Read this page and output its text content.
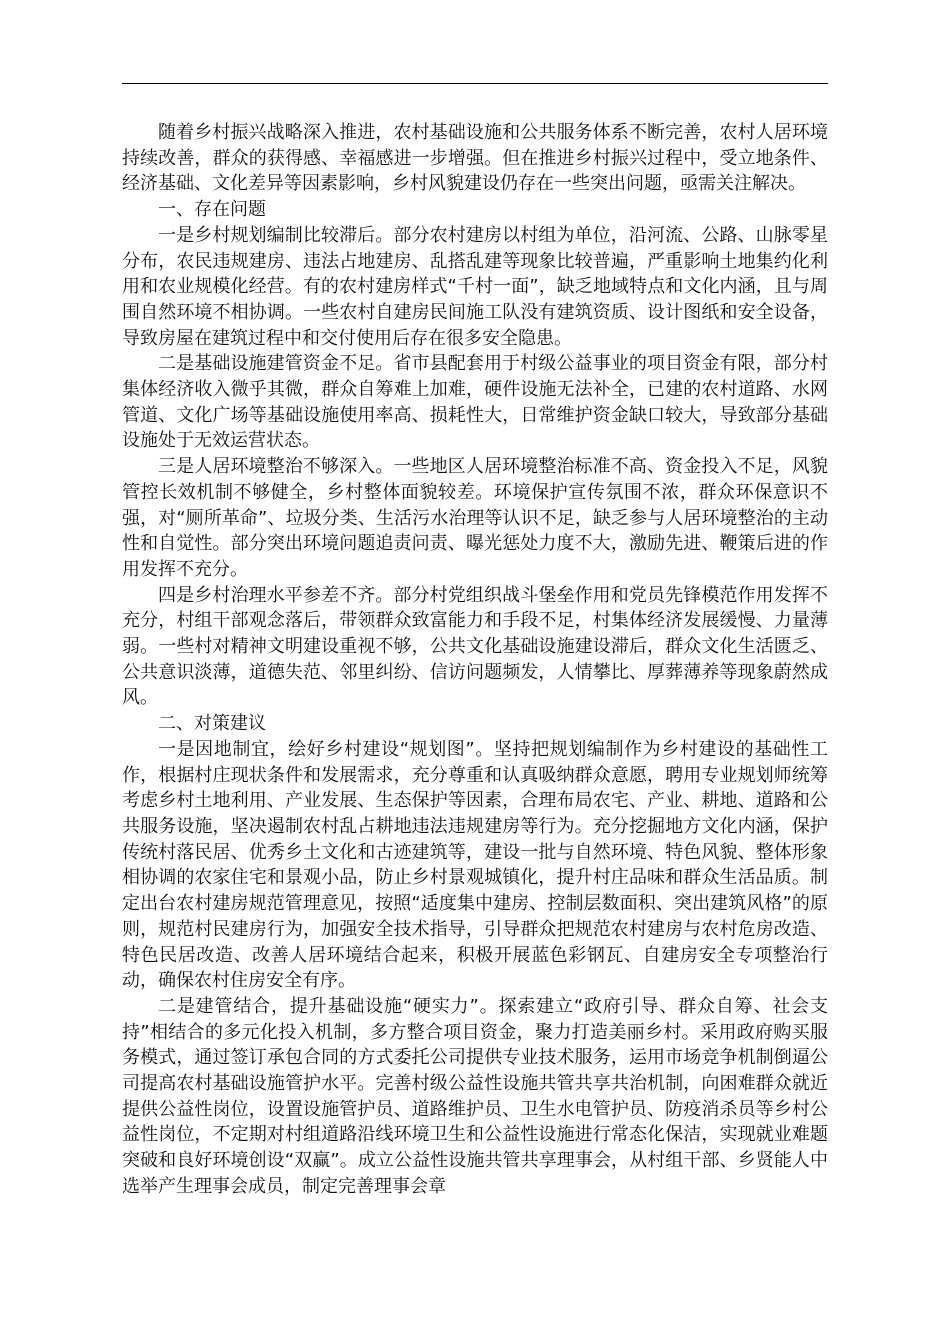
随着乡村振兴战略深入推进，农村基础设施和公共服务体系不断完善，农村人居环境持续改善，群众的获得感、幸福感进一步增强。但在推进乡村振兴过程中，受立地条件、经济基础、文化差异等因素影响，乡村风貌建设仍存在一些突出问题，亟需关注解决。

一、存在问题

一是乡村规划编制比较滞后。部分农村建房以村组为单位，沿河流、公路、山脉零星分布，农民违规建房、违法占地建房、乱搭乱建等现象比较普遍，严重影响土地集约化利用和农业规模化经营。有的农村建房样式“千村一面”，缺乏地域特点和文化内涵，且与周围自然环境不相协调。一些农村自建房民间施工队没有建筑资质、设计图纸和安全设备，导致房屋在建筑过程中和交付使用后存在很多安全隐患。

二是基础设施建管资金不足。省市县配套用于村级公益事业的项目资金有限，部分村集体经济收入微乎其微，群众自筹难上加难，硬件设施无法补全，已建的农村道路、水网管道、文化广场等基础设施使用率高、损耗性大，日常维护资金缺口较大，导致部分基础设施处于无效运营状态。

三是人居环境整治不够深入。一些地区人居环境整治标准不高、资金投入不足，风貌管控长效机制不够健全，乡村整体面貌较差。环境保护宣传氛围不浓，群众环保意识不强，对“厕所革命”、垃圾分类、生活污水治理等认识不足，缺乏参与人居环境整治的主动性和自觉性。部分突出环境问题追责问责、曝光惩处力度不大，激励先进、鞭策后进的作用发挥不充分。

四是乡村治理水平参差不齐。部分村党组织战斗堡垒作用和党员先锋模范作用发挥不充分，村组干部观念落后，带领群众致富能力和手段不足，村集体经济发展缓慢、力量薄弱。一些村对精神文明建设重视不够，公共文化基础设施建设滞后，群众文化生活匮乏、公共意识淡薄，道德失范、邻里纠纷、信访问题频发，人情攀比、厚葬薄养等现象蔚然成风。

二、对策建议

一是因地制宜，绘好乡村建设“规划图”。坚持把规划编制作为乡村建设的基础性工作，根据村庄现状条件和发展需求，充分尊重和认真吸纳群众意愿，聘用专业规划师统筹考虑乡村土地利用、产业发展、生态保护等因素，合理布局农宅、产业、耕地、道路和公共服务设施，坚决遏制农村乱占耕地违法违规建房等行为。充分挖掘地方文化内涵，保护传统村落民居、优秀乡土文化和古迹建筑等，建设一批与自然环境、特色风貌、整体形象相协调的农家住宅和景观小品，防止乡村景观城镇化，提升村庄品味和群众生活品质。制定出台农村建房规范管理意见，按照“适度集中建房、控制层数面积、突出建筑风格”的原则，规范村民建房行为，加强安全技术指导，引导群众把规范农村建房与农村危房改造、特色民居改造、改善人居环境结合起来，积极开展蓝色彩钢瓦、自建房安全专项整治行动，确保农村住房安全有序。

二是建管结合，提升基础设施“硬实力”。探索建立“政府引导、群众自筹、社会支持”相结合的多元化投入机制，多方整合项目资金，聚力打造美丽乡村。采用政府购买服务模式，通过签订承包合同的方式委托公司提供专业技术服务，运用市场竞争机制倒逼公司提高农村基础设施管护水平。完善村级公益性设施共管共享共治机制，向困难群众就近提供公益性岗位，设置设施管护员、道路维护员、卫生水电管护员、防疫消杀员等乡村公益性岗位，不定期对村组道路沿线环境卫生和公益性设施进行常态化保洁，实现就业难题突破和良好环境创设“双赢”。成立公益性设施共管共享理事会，从村组干部、乡贤能人中选举产生理事会成员，制定完善理事会章
